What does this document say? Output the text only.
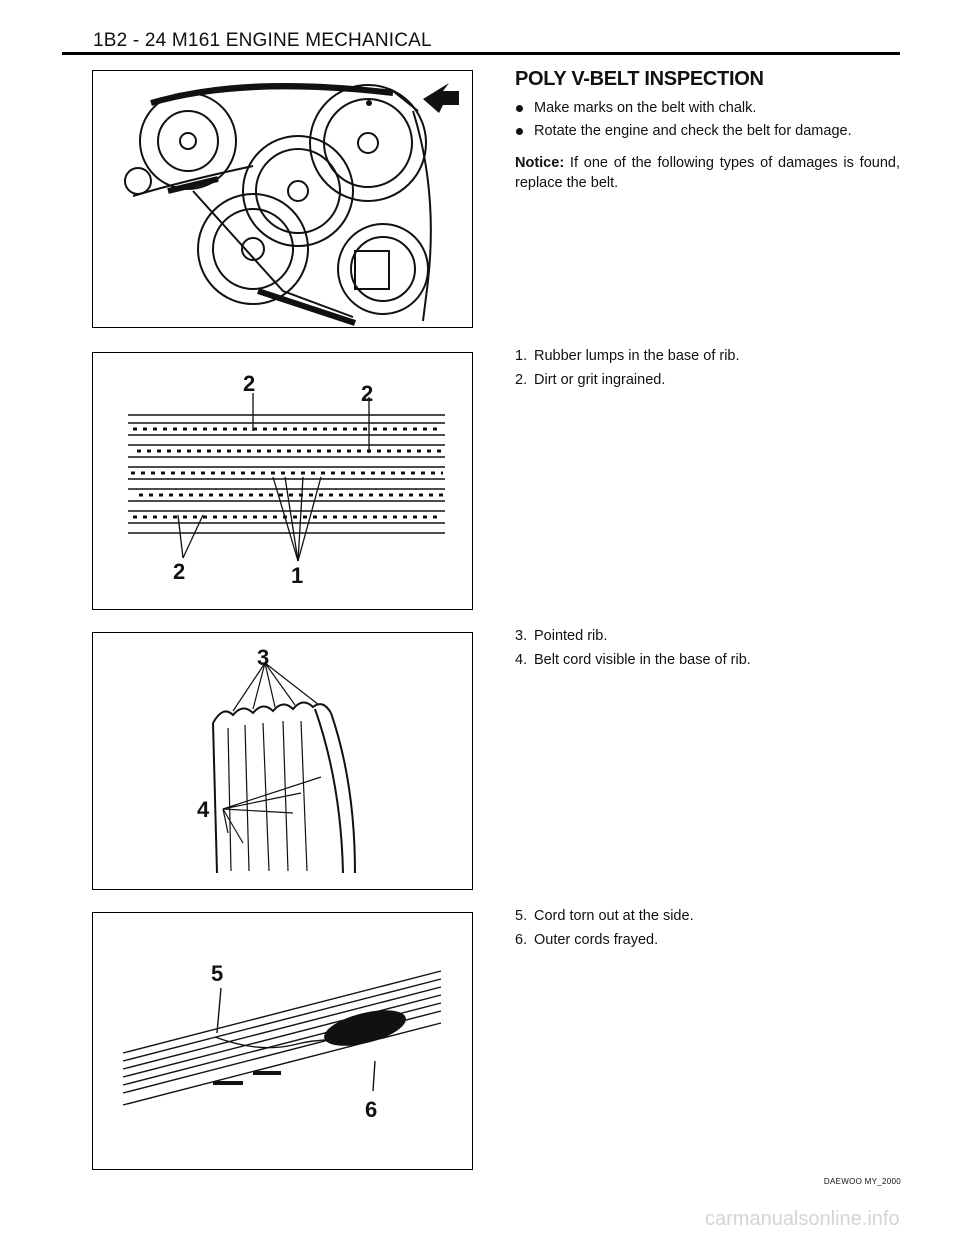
1B2 - 24 M161 ENGINE MECHANICAL
POLY V-BELT INSPECTION
Make marks on the belt with chalk.
Rotate the engine and check the belt for damage.
Notice: If one of the following types of damages is found, replace the belt.
2	2
2	1
1. Rubber lumps in the base of rib.
2. Dirt or grit ingrained.
3
4
3. Pointed rib.
4. Belt cord visible in the base of rib.
5
6
5. Cord torn out at the side.
6. Outer cords frayed.
DAEWOO MY_2000
carmanualsonline.info
